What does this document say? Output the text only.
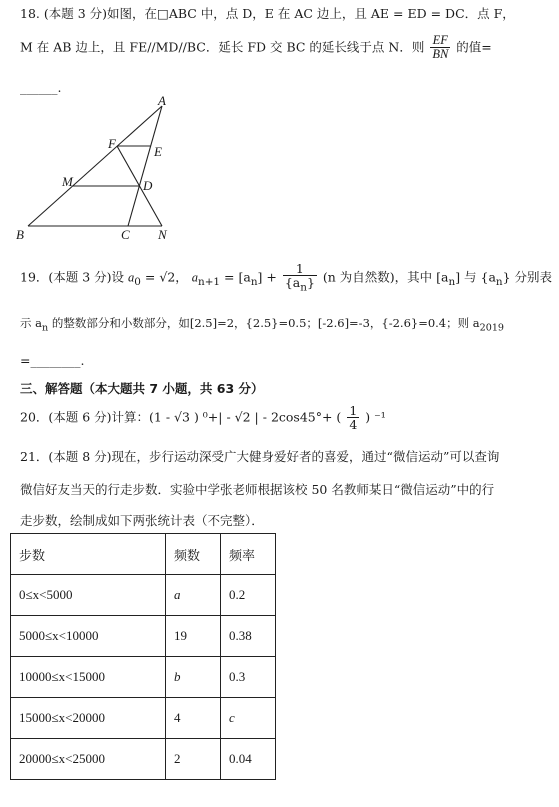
18. (本题 3 分)如图，在□ABC 中，点 D，E 在 AC 边上，且 AE = ED = DC．点 F，
M 在 AB 边上，且 FE//MD//BC．延长 FD 交 BC 的延长线于点 N．则 $\frac{EF}{BN}$ 的值=
______.
A
F
E
M	D
B	C N
19．(本题 3 分)设 $a_0 = √2$， $a_{n+1} = [a_n] + \frac{1}{\{a_n\}} (n$ 为自然数)，其中 $[a_n]$ 与 $\{a_n\}$ 分别表
示 $a_n$ 的整数部分和小数部分，如[2.5]=2，{2.5}=0.5；[-2.6]=-3，{-2.6}=0.4；则 $a_{2019}$
=________.
三、解答题（本大题共 7 小题，共 63 分）
20．(本题 6 分)计算：(1 - √3 ) ⁰+| - √2 | - 2cos45°+ ( $\frac{1}{4}$ ) ⁻¹
21．(本题 8 分)现在，步行运动深受广大健身爱好者的喜爱，通过“微信运动”可以查询
微信好友当天的行走步数．实验中学张老师根据该校 50 名教师某日“微信运动”中的行
走步数，绘制成如下两张统计表（不完整）．
步数	频数	频率
0≤x<5000	a	0.2
5000≤x<10000	19	0.38
10000≤x<15000	b	0.3
15000≤x<20000	4	c
20000≤x<25000	2	0.04
